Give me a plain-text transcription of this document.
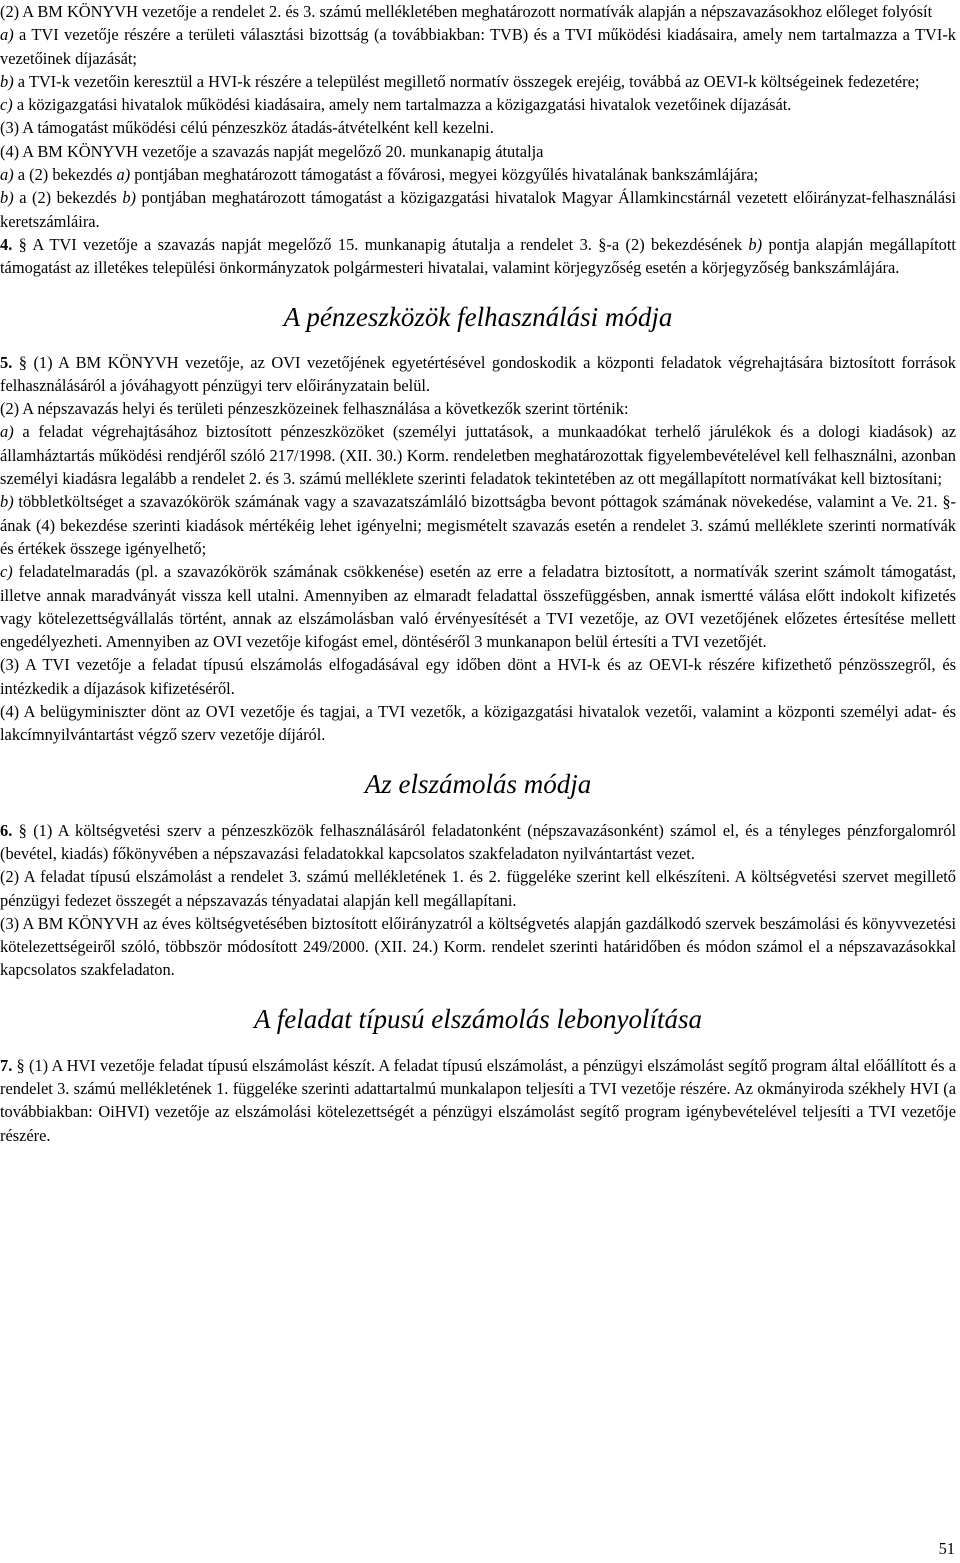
(2) A BM KÖNYVH vezetője a rendelet 2. és 3. számú mellékletében meghatározott normatívák alapján a népszavazásokhoz előleget folyósít

a) a TVI vezetője részére a területi választási bizottság (a továbbiakban: TVB) és a TVI működési kiadásaira, amely nem tartalmazza a TVI-k vezetőinek díjazását;

b) a TVI-k vezetőin keresztül a HVI-k részére a települést megillető normatív összegek erejéig, továbbá az OEVI-k költségeinek fedezetére;

c) a közigazgatási hivatalok működési kiadásaira, amely nem tartalmazza a közigazgatási hivatalok vezetőinek díjazását.

(3) A támogatást működési célú pénzeszköz átadás-átvételként kell kezelni.

(4) A BM KÖNYVH vezetője a szavazás napját megelőző 20. munkanapig átutalja

a) a (2) bekezdés a) pontjában meghatározott támogatást a fővárosi, megyei közgyűlés hivatalának bankszámlájára;

b) a (2) bekezdés b) pontjában meghatározott támogatást a közigazgatási hivatalok Magyar Államkincstárnál vezetett előirányzat-felhasználási keretszámláira.

4. § A TVI vezetője a szavazás napját megelőző 15. munkanapig átutalja a rendelet 3. §-a (2) bekezdésének b) pontja alapján megállapított támogatást az illetékes települési önkormányzatok polgármesteri hivatalai, valamint körjegyzőség esetén a körjegyzőség bankszámlájára.

A pénzeszközök felhasználási módja

5. § (1) A BM KÖNYVH vezetője, az OVI vezetőjének egyetértésével gondoskodik a központi feladatok végrehajtására biztosított források felhasználásáról a jóváhagyott pénzügyi terv előirányzatain belül.

(2) A népszavazás helyi és területi pénzeszközeinek felhasználása a következők szerint történik:

a) a feladat végrehajtásához biztosított pénzeszközöket (személyi juttatások, a munkaadókat terhelő járulékok és a dologi kiadások) az államháztartás működési rendjéről szóló 217/1998. (XII. 30.) Korm. rendeletben meghatározottak figyelembevételével kell felhasználni, azonban személyi kiadásra legalább a rendelet 2. és 3. számú melléklete szerinti feladatok tekintetében az ott megállapított normatívákat kell biztosítani;

b) többletköltséget a szavazókörök számának vagy a szavazatszámláló bizottságba bevont póttagok számának növekedése, valamint a Ve. 21. §-ának (4) bekezdése szerinti kiadások mértékéig lehet igényelni; megismételt szavazás esetén a rendelet 3. számú melléklete szerinti normatívák és értékek összege igényelhető;

c) feladatelmaradás (pl. a szavazókörök számának csökkenése) esetén az erre a feladatra biztosított, a normatívák szerint számolt támogatást, illetve annak maradványát vissza kell utalni. Amennyiben az elmaradt feladattal összefüggésben, annak ismertté válása előtt indokolt kifizetés vagy kötelezettségvállalás történt, annak az elszámolásban való érvényesítését a TVI vezetője, az OVI vezetőjének előzetes értesítése mellett engedélyezheti. Amennyiben az OVI vezetője kifogást emel, döntéséről 3 munkanapon belül értesíti a TVI vezetőjét.

(3) A TVI vezetője a feladat típusú elszámolás elfogadásával egy időben dönt a HVI-k és az OEVI-k részére kifizethető pénzösszegről, és intézkedik a díjazások kifizetéséről.

(4) A belügyminiszter dönt az OVI vezetője és tagjai, a TVI vezetők, a közigazgatási hivatalok vezetői, valamint a központi személyi adat- és lakcímnyilvántartást végző szerv vezetője díjáról.

Az elszámolás módja

6. § (1) A költségvetési szerv a pénzeszközök felhasználásáról feladatonként (népszavazásonként) számol el, és a tényleges pénzforgalomról (bevétel, kiadás) főkönyvében a népszavazási feladatokkal kapcsolatos szakfeladaton nyilvántartást vezet.

(2) A feladat típusú elszámolást a rendelet 3. számú mellékletének 1. és 2. függeléke szerint kell elkészíteni. A költségvetési szervet megillető pénzügyi fedezet összegét a népszavazás tényadatai alapján kell megállapítani.

(3) A BM KÖNYVH az éves költségvetésében biztosított előirányzatról a költségvetés alapján gazdálkodó szervek beszámolási és könyvvezetési kötelezettségeiről szóló, többször módosított 249/2000. (XII. 24.) Korm. rendelet szerinti határidőben és módon számol el a népszavazásokkal kapcsolatos szakfeladaton.

A feladat típusú elszámolás lebonyolítása

7. § (1) A HVI vezetője feladat típusú elszámolást készít. A feladat típusú elszámolást, a pénzügyi elszámolást segítő program által előállított és a rendelet 3. számú mellékletének 1. függeléke szerinti adattartalmú munkalapon teljesíti a TVI vezetője részére. Az okmányiroda székhely HVI (a továbbiakban: OiHVI) vezetője az elszámolási kötelezettségét a pénzügyi elszámolást segítő program igénybevételével teljesíti a TVI vezetője részére.

51
